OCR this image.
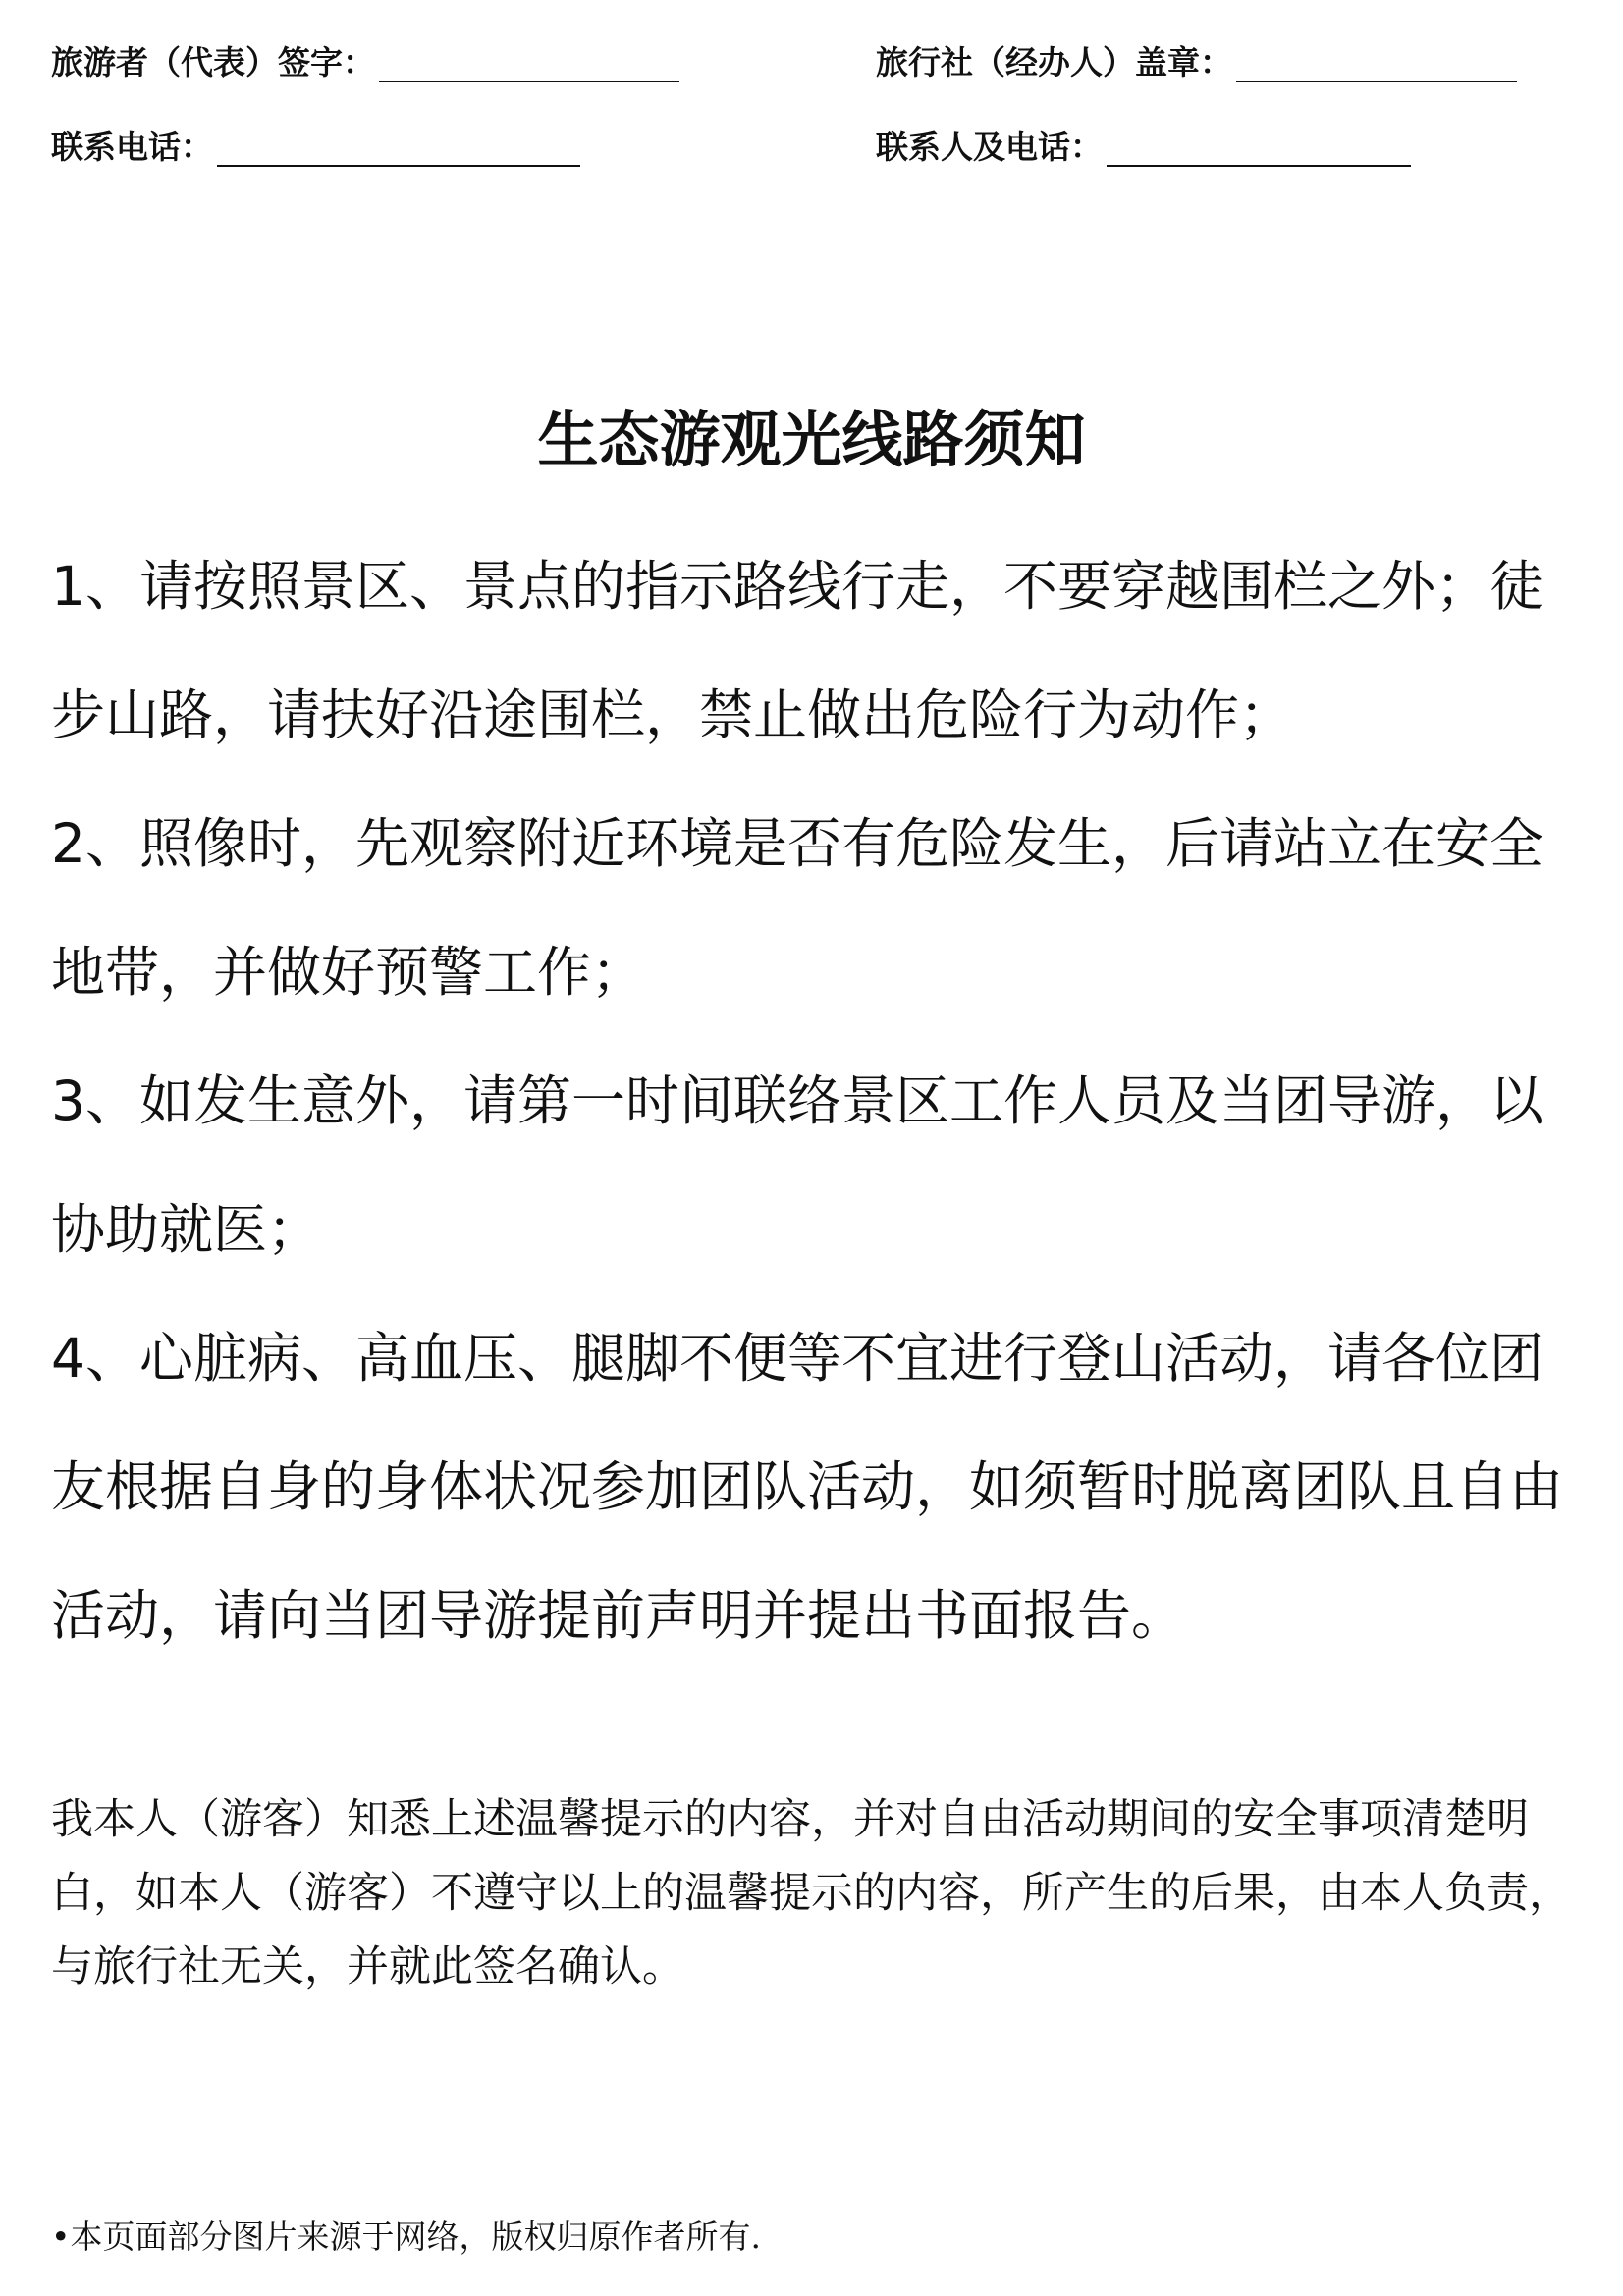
旅游者（代表）签字：	旅行社（经办人）盖章：
联系电话：	联系人及电话：
生态游观光线路须知

1、请按照景区、景点的指示路线行走，不要穿越围栏之外；徒步山路，请扶好沿途围栏，禁止做出危险行为动作；

2、照像时，先观察附近环境是否有危险发生，后请站立在安全地带，并做好预警工作；

3、如发生意外，请第一时间联络景区工作人员及当团导游，以协助就医；

4、心脏病、高血压、腿脚不便等不宜进行登山活动，请各位团友根据自身的身体状况参加团队活动，如须暂时脱离团队且自由活动，请向当团导游提前声明并提出书面报告。

我本人（游客）知悉上述温馨提示的内容，并对自由活动期间的安全事项清楚明白，如本人（游客）不遵守以上的温馨提示的内容，所产生的后果，由本人负责，与旅行社无关，并就此签名确认。

•本页面部分图片来源于网络，版权归原作者所有.
